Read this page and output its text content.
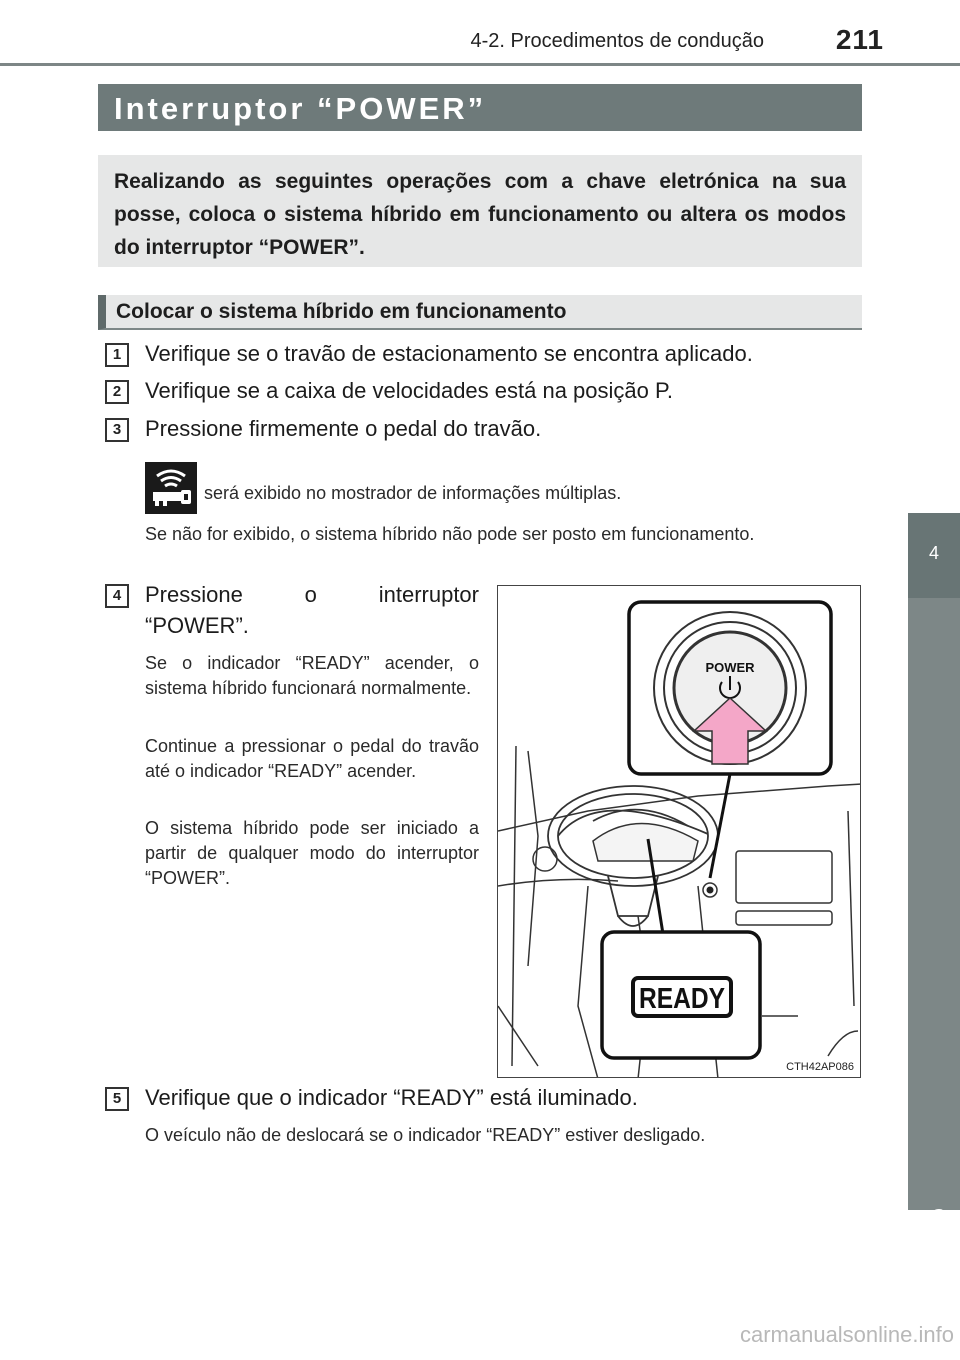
4-2. Procedimentos de condução	211
4
Condução
Interruptor “POWER”

Realizando as seguintes operações com a chave eletrónica na sua posse, coloca o sistema híbrido em funcionamento ou altera os modos do interruptor “POWER”.

Colocar o sistema híbrido em funcionamento
1	Verifique se o travão de estacionamento se encontra aplicado.
2	Verifique se a caixa de velocidades está na posição P.
3	Pressione firmemente o pedal do travão.
será exibido no mostrador de informações múltiplas.

Se não for exibido, o sistema híbrido não pode ser posto em funcionamento.

4	Pressione o interruptor
“POWER”.

Se o indicador “READY” acender, o sistema híbrido funcionará normalmente.

Continue a pressionar o pedal do travão até o indicador “READY” acender.

O sistema híbrido pode ser iniciado a partir de qualquer modo do interruptor “POWER”.

POWER
READY
CTH42AP086
5	Verifique que o indicador “READY” está iluminado.

O veículo não de deslocará se o indicador “READY” estiver desligado.

carmanualsonline.info
